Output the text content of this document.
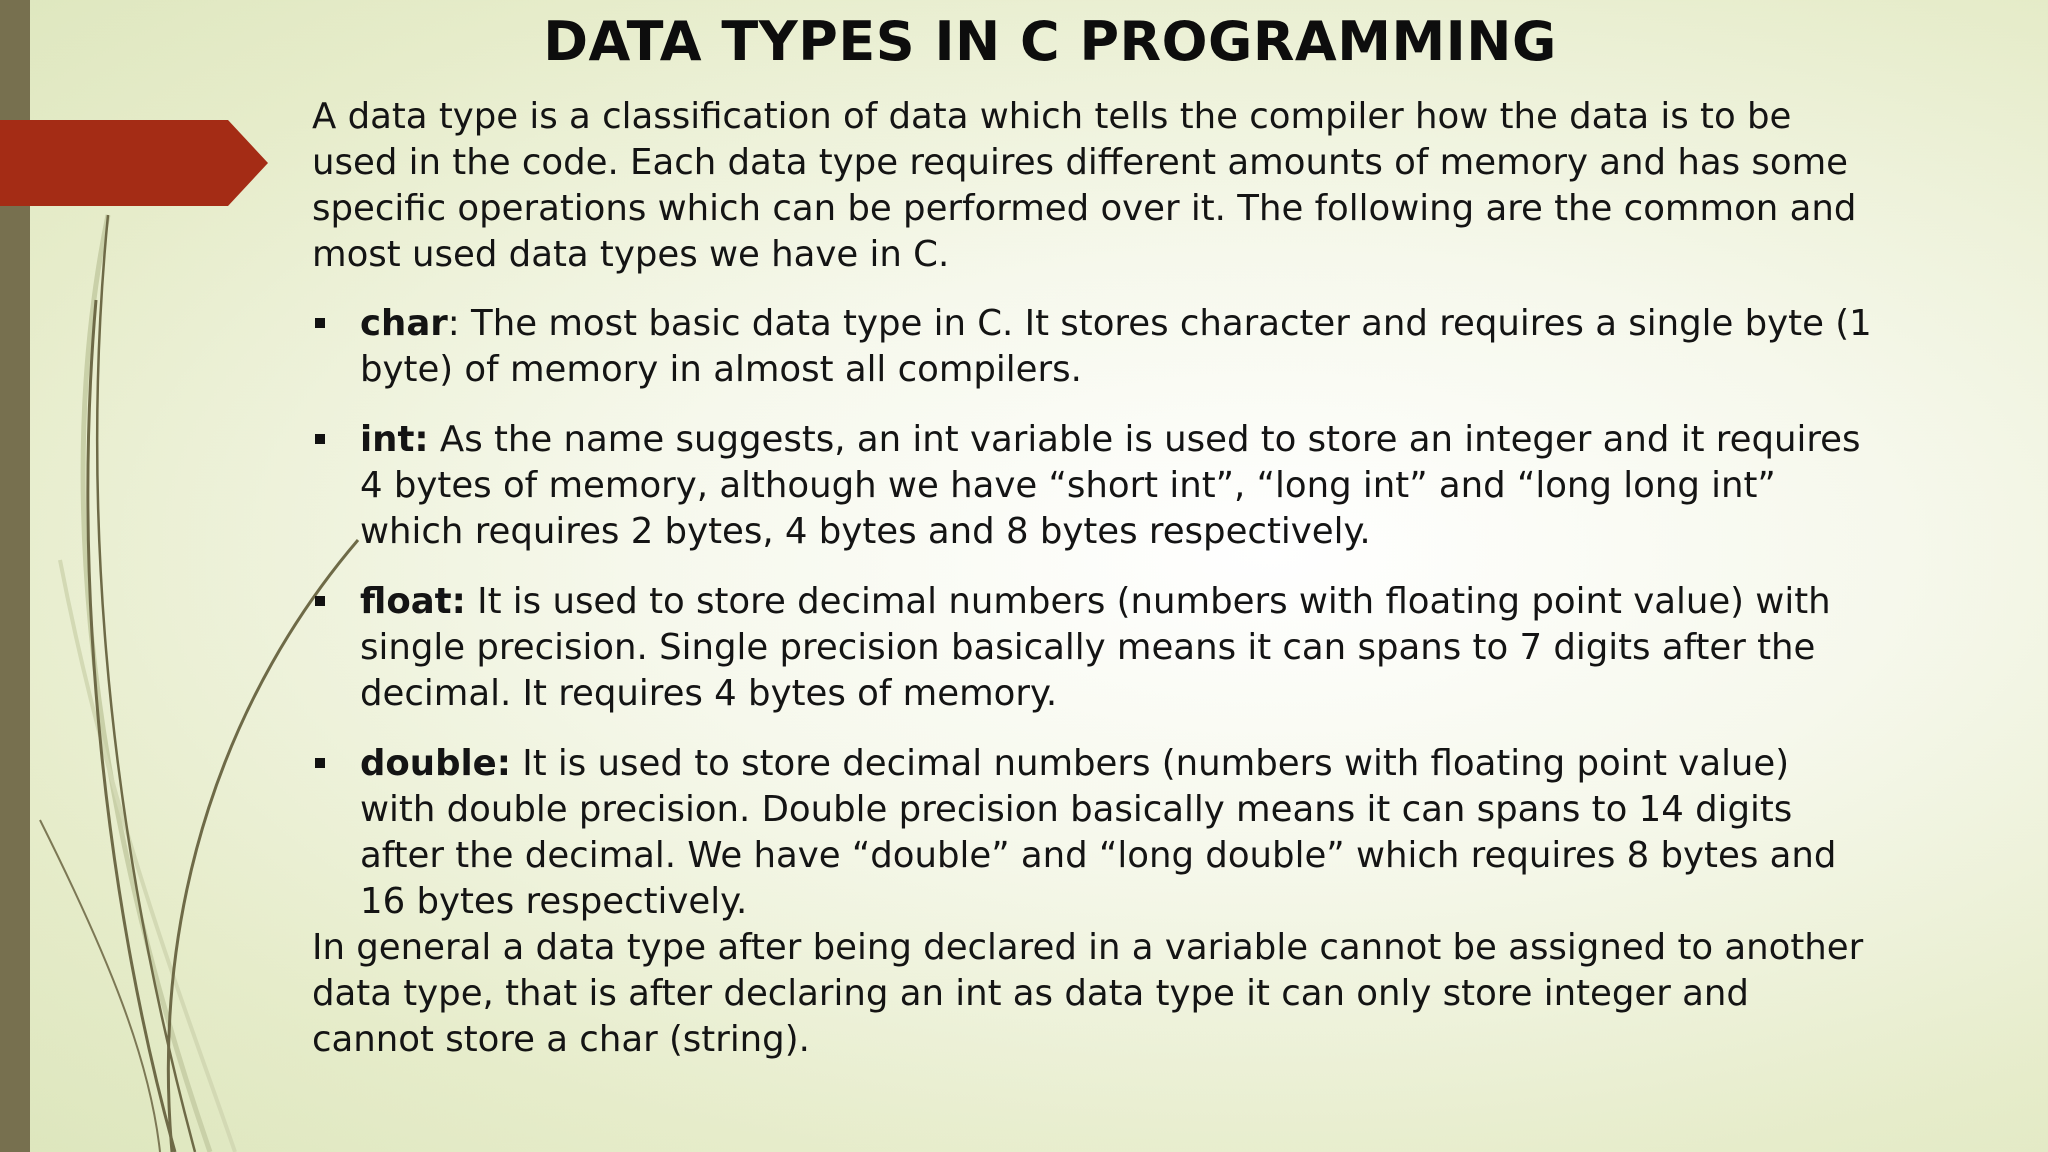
DATA TYPES IN C PROGRAMMING

A data type is a classification of data which tells the compiler how the data is to be used in the code. Each data type requires different amounts of memory and has some specific operations which can be performed over it. The following are the common and most used data types we have in C.

char: The most basic data type in C. It stores character and requires a single byte (1 byte) of memory in almost all compilers.
int: As the name suggests, an int variable is used to store an integer and it requires 4 bytes of memory, although we have “short int”, “long int” and “long long int” which requires 2 bytes, 4 bytes and 8 bytes respectively.
float: It is used to store decimal numbers (numbers with floating point value) with single precision. Single precision basically means it can spans to 7 digits after the decimal. It requires 4 bytes of memory.
double: It is used to store decimal numbers (numbers with floating point value) with double precision. Double precision basically means it can spans to 14 digits after the decimal. We have “double” and “long double” which requires 8 bytes and 16 bytes respectively.

In general a data type after being declared in a variable cannot be assigned to another data type, that is after declaring an int as data type it can only store integer and cannot store a char (string).
